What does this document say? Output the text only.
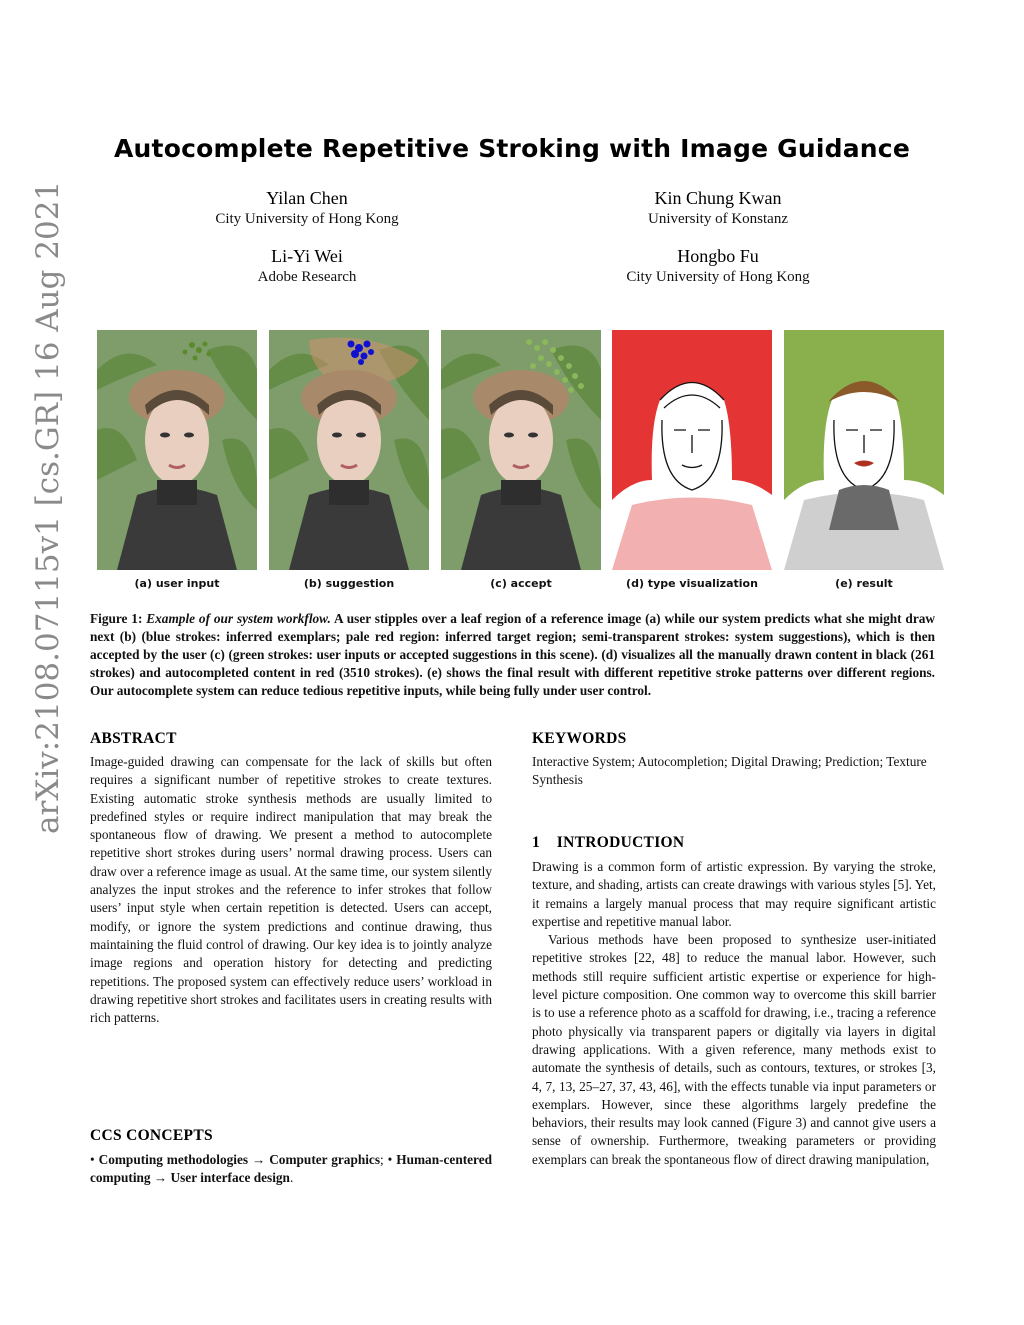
arXiv:2108.07115v1 [cs.GR] 16 Aug 2021
Autocomplete Repetitive Stroking with Image Guidance
Yilan Chen
City University of Hong Kong
Kin Chung Kwan
University of Konstanz
Li-Yi Wei
Adobe Research
Hongbo Fu
City University of Hong Kong
(a) user input	(b) suggestion	(c) accept	(d) type visualization	(e) result
Figure 1: Example of our system workflow. A user stipples over a leaf region of a reference image (a) while our system predicts what she might draw next (b) (blue strokes: inferred exemplars; pale red region: inferred target region; semi-transparent strokes: system suggestions), which is then accepted by the user (c) (green strokes: user inputs or accepted suggestions in this scene). (d) visualizes all the manually drawn content in black (261 strokes) and autocompleted content in red (3510 strokes). (e) shows the final result with different repetitive stroke patterns over different regions. Our autocomplete system can reduce tedious repetitive inputs, while being fully under user control.
ABSTRACT

Image-guided drawing can compensate for the lack of skills but often requires a significant number of repetitive strokes to create textures. Existing automatic stroke synthesis methods are usually limited to predefined styles or require indirect manipulation that may break the spontaneous flow of drawing. We present a method to autocomplete repetitive short strokes during users’ normal drawing process. Users can draw over a reference image as usual. At the same time, our system silently analyzes the input strokes and the reference to infer strokes that follow users’ input style when certain repetition is detected. Users can accept, modify, or ignore the system predictions and continue drawing, thus maintaining the fluid control of drawing. Our key idea is to jointly analyze image regions and operation history for detecting and predicting repetitions. The proposed system can effectively reduce users’ workload in drawing repetitive short strokes and facilitates users in creating results with rich patterns.

CCS CONCEPTS

• Computing methodologies → Computer graphics; • Human-centered computing → User interface design.

KEYWORDS

Interactive System; Autocompletion; Digital Drawing; Prediction; Texture Synthesis

1 INTRODUCTION

Drawing is a common form of artistic expression. By varying the stroke, texture, and shading, artists can create drawings with various styles [5]. Yet, it remains a largely manual process that may require significant artistic expertise and repetitive manual labor.

Various methods have been proposed to synthesize user-initiated repetitive strokes [22, 48] to reduce the manual labor. However, such methods still require sufficient artistic expertise or experience for high-level picture composition. One common way to overcome this skill barrier is to use a reference photo as a scaffold for drawing, i.e., tracing a reference photo physically via transparent papers or digitally via layers in digital drawing applications. With a given reference, many methods exist to automate the synthesis of details, such as contours, textures, or strokes [3, 4, 7, 13, 25–27, 37, 43, 46], with the effects tunable via input parameters or exemplars. However, since these algorithms largely predefine the behaviors, their results may look canned (Figure 3) and cannot give users a sense of ownership. Furthermore, tweaking parameters or providing exemplars can break the spontaneous flow of direct drawing manipulation,
